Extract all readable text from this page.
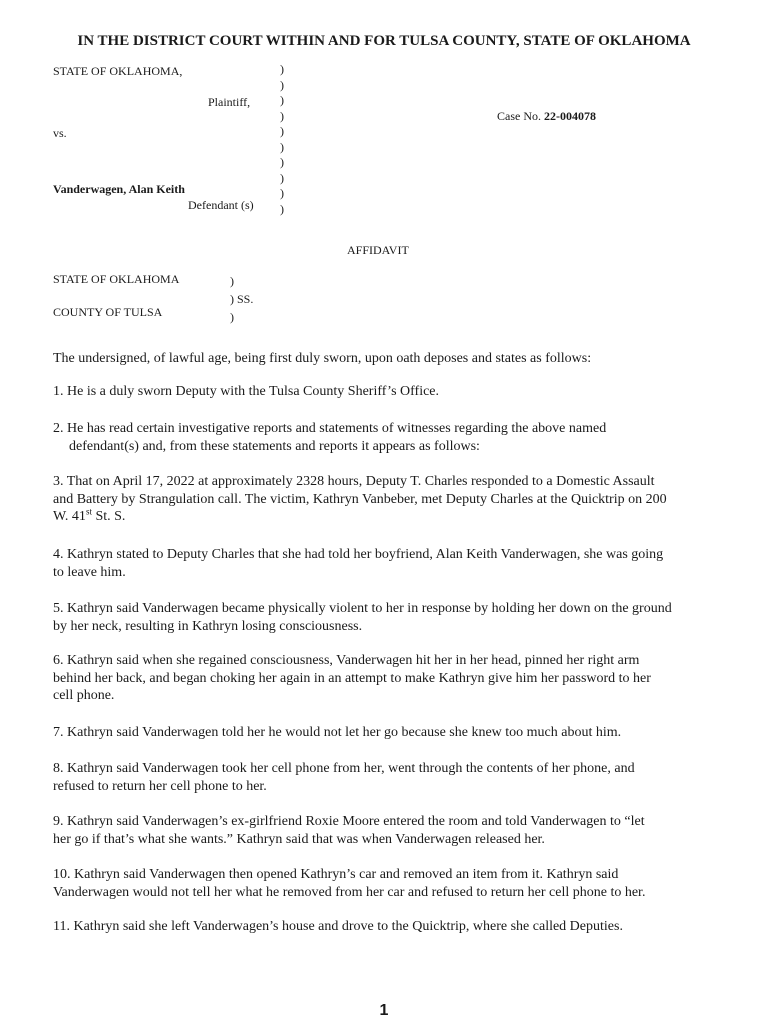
IN THE DISTRICT COURT WITHIN AND FOR TULSA COUNTY, STATE OF OKLAHOMA
STATE OF OKLAHOMA,
Plaintiff,
vs.
Vanderwagen, Alan Keith
Defendant (s)
)
)
)
)
)
)
)
)
)
)
Case No. 22-004078
AFFIDAVIT
STATE OF OKLAHOMA
COUNTY OF TULSA
)
) SS.
)
The undersigned, of lawful age, being first duly sworn, upon oath deposes and states as follows:
1. He is a duly sworn Deputy with the Tulsa County Sheriff’s Office.
2. He has read certain investigative reports and statements of witnesses regarding the above named
defendant(s) and, from these statements and reports it appears as follows:
3. That on April 17, 2022 at approximately 2328 hours, Deputy T. Charles responded to a Domestic Assault
and Battery by Strangulation call. The victim, Kathryn Vanbeber, met Deputy Charles at the Quicktrip on 200
W. 41st St. S.
4. Kathryn stated to Deputy Charles that she had told her boyfriend, Alan Keith Vanderwagen, she was going
to leave him.
5. Kathryn said Vanderwagen became physically violent to her in response by holding her down on the ground
by her neck, resulting in Kathryn losing consciousness.
6. Kathryn said when she regained consciousness, Vanderwagen hit her in her head, pinned her right arm
behind her back, and began choking her again in an attempt to make Kathryn give him her password to her
cell phone.
7. Kathryn said Vanderwagen told her he would not let her go because she knew too much about him.
8. Kathryn said Vanderwagen took her cell phone from her, went through the contents of her phone, and
refused to return her cell phone to her.
9. Kathryn said Vanderwagen’s ex-girlfriend Roxie Moore entered the room and told Vanderwagen to “let
her go if that’s what she wants.” Kathryn said that was when Vanderwagen released her.
10. Kathryn said Vanderwagen then opened Kathryn’s car and removed an item from it. Kathryn said
Vanderwagen would not tell her what he removed from her car and refused to return her cell phone to her.
11. Kathryn said she left Vanderwagen’s house and drove to the Quicktrip, where she called Deputies.
1
